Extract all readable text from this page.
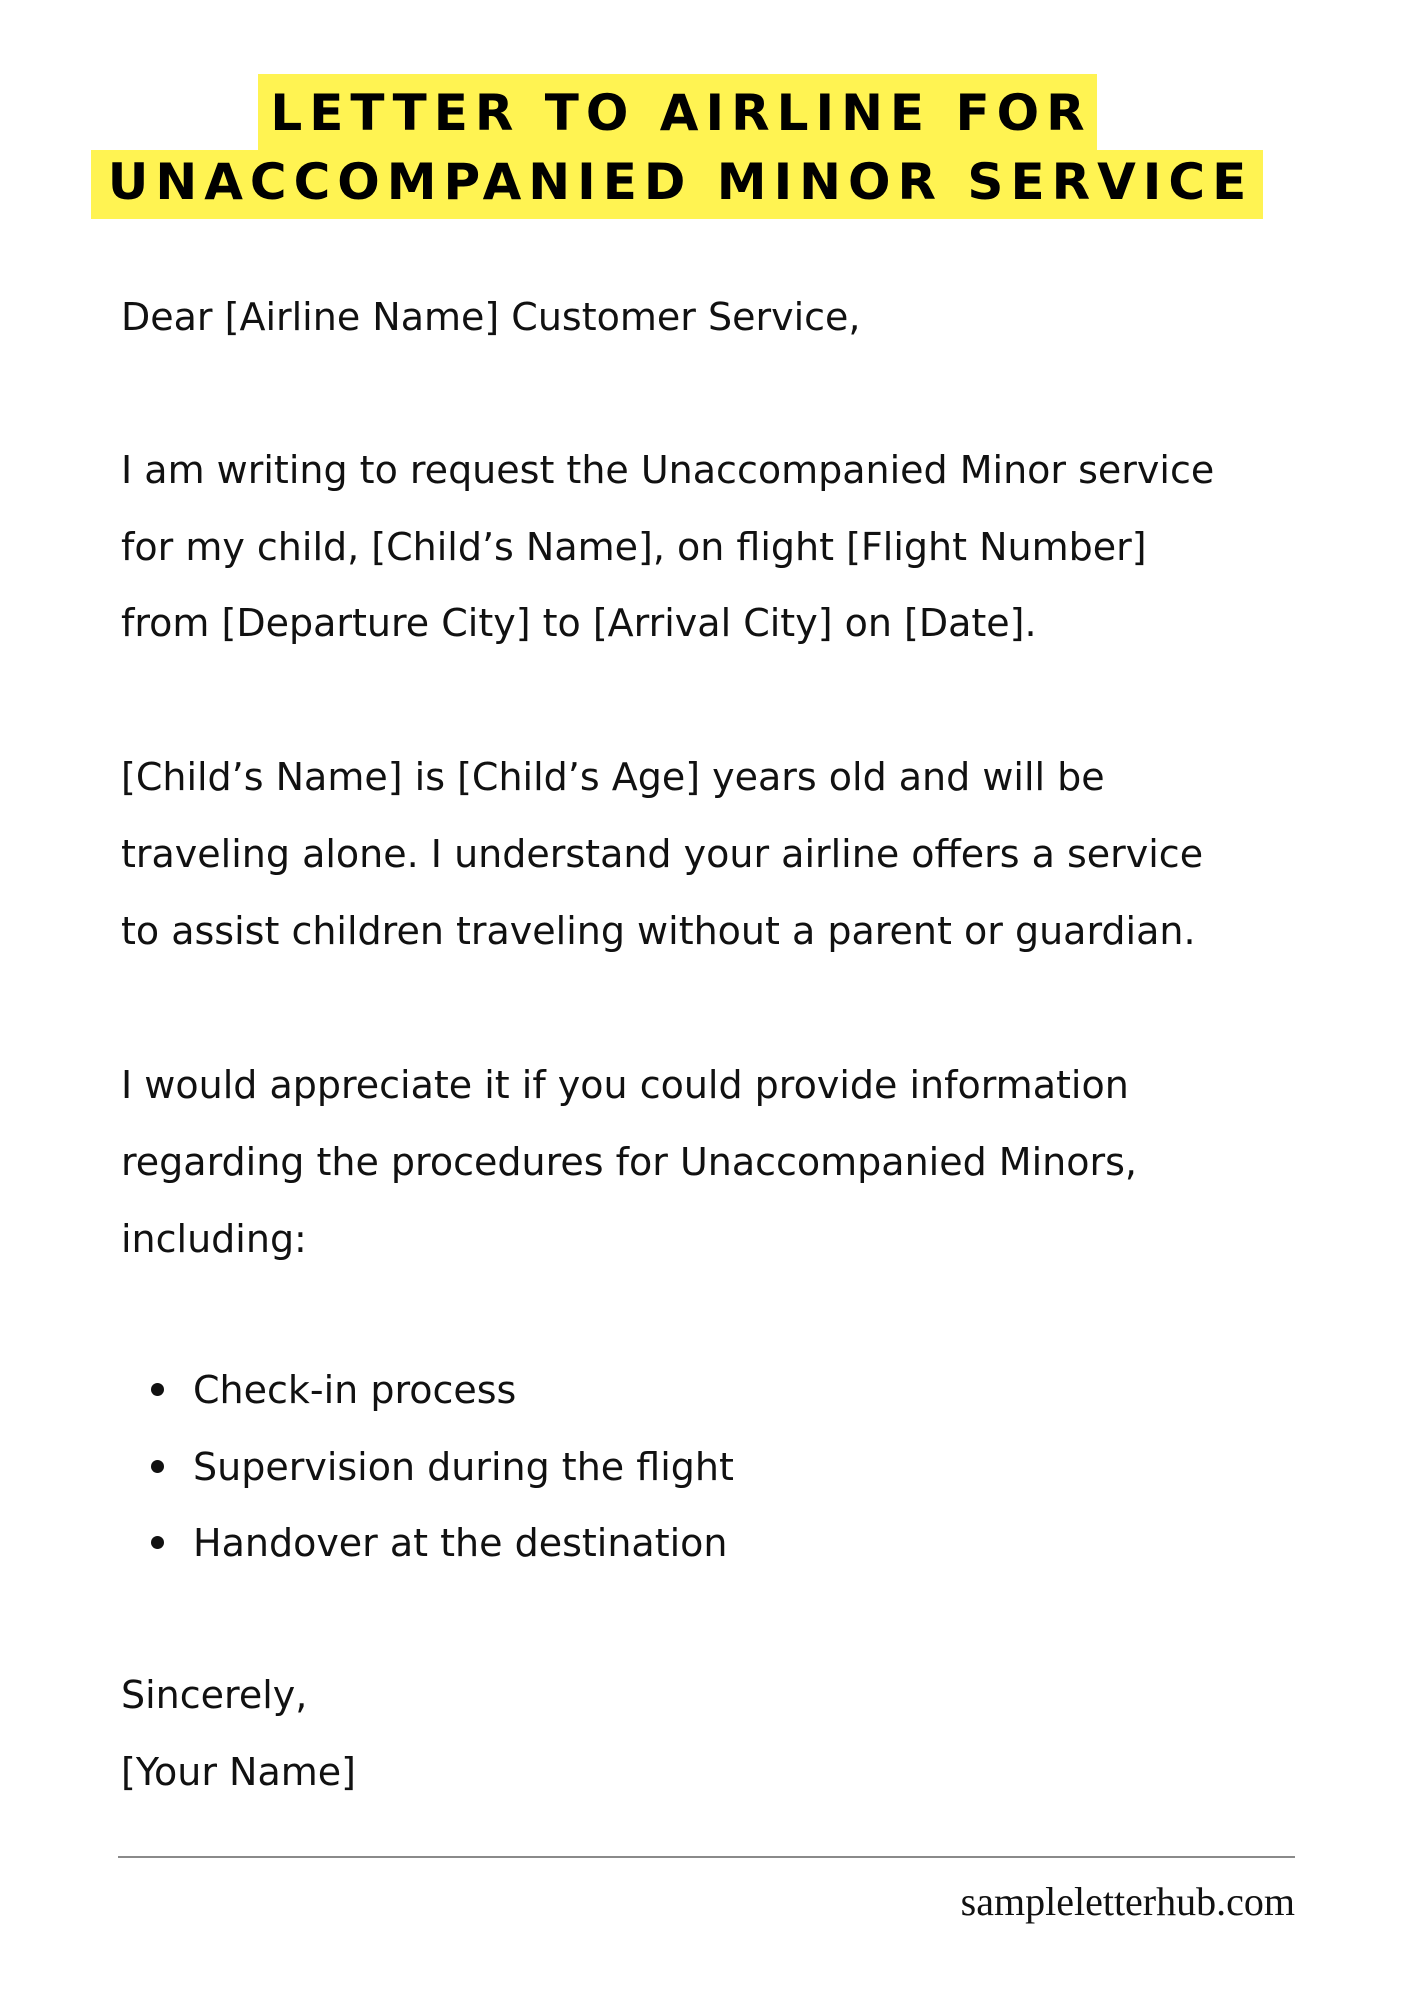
LETTER TO AIRLINE FOR
UNACCOMPANIED MINOR SERVICE
Dear [Airline Name] Customer Service,
I am writing to request the Unaccompanied Minor service
for my child, [Child’s Name], on flight [Flight Number]
from [Departure City] to [Arrival City] on [Date].
[Child’s Name] is [Child’s Age] years old and will be
traveling alone. I understand your airline offers a service
to assist children traveling without a parent or guardian.
I would appreciate it if you could provide information
regarding the procedures for Unaccompanied Minors,
including:
Check-in process
Supervision during the flight
Handover at the destination
Sincerely,
[Your Name]
sampleletterhub.com
